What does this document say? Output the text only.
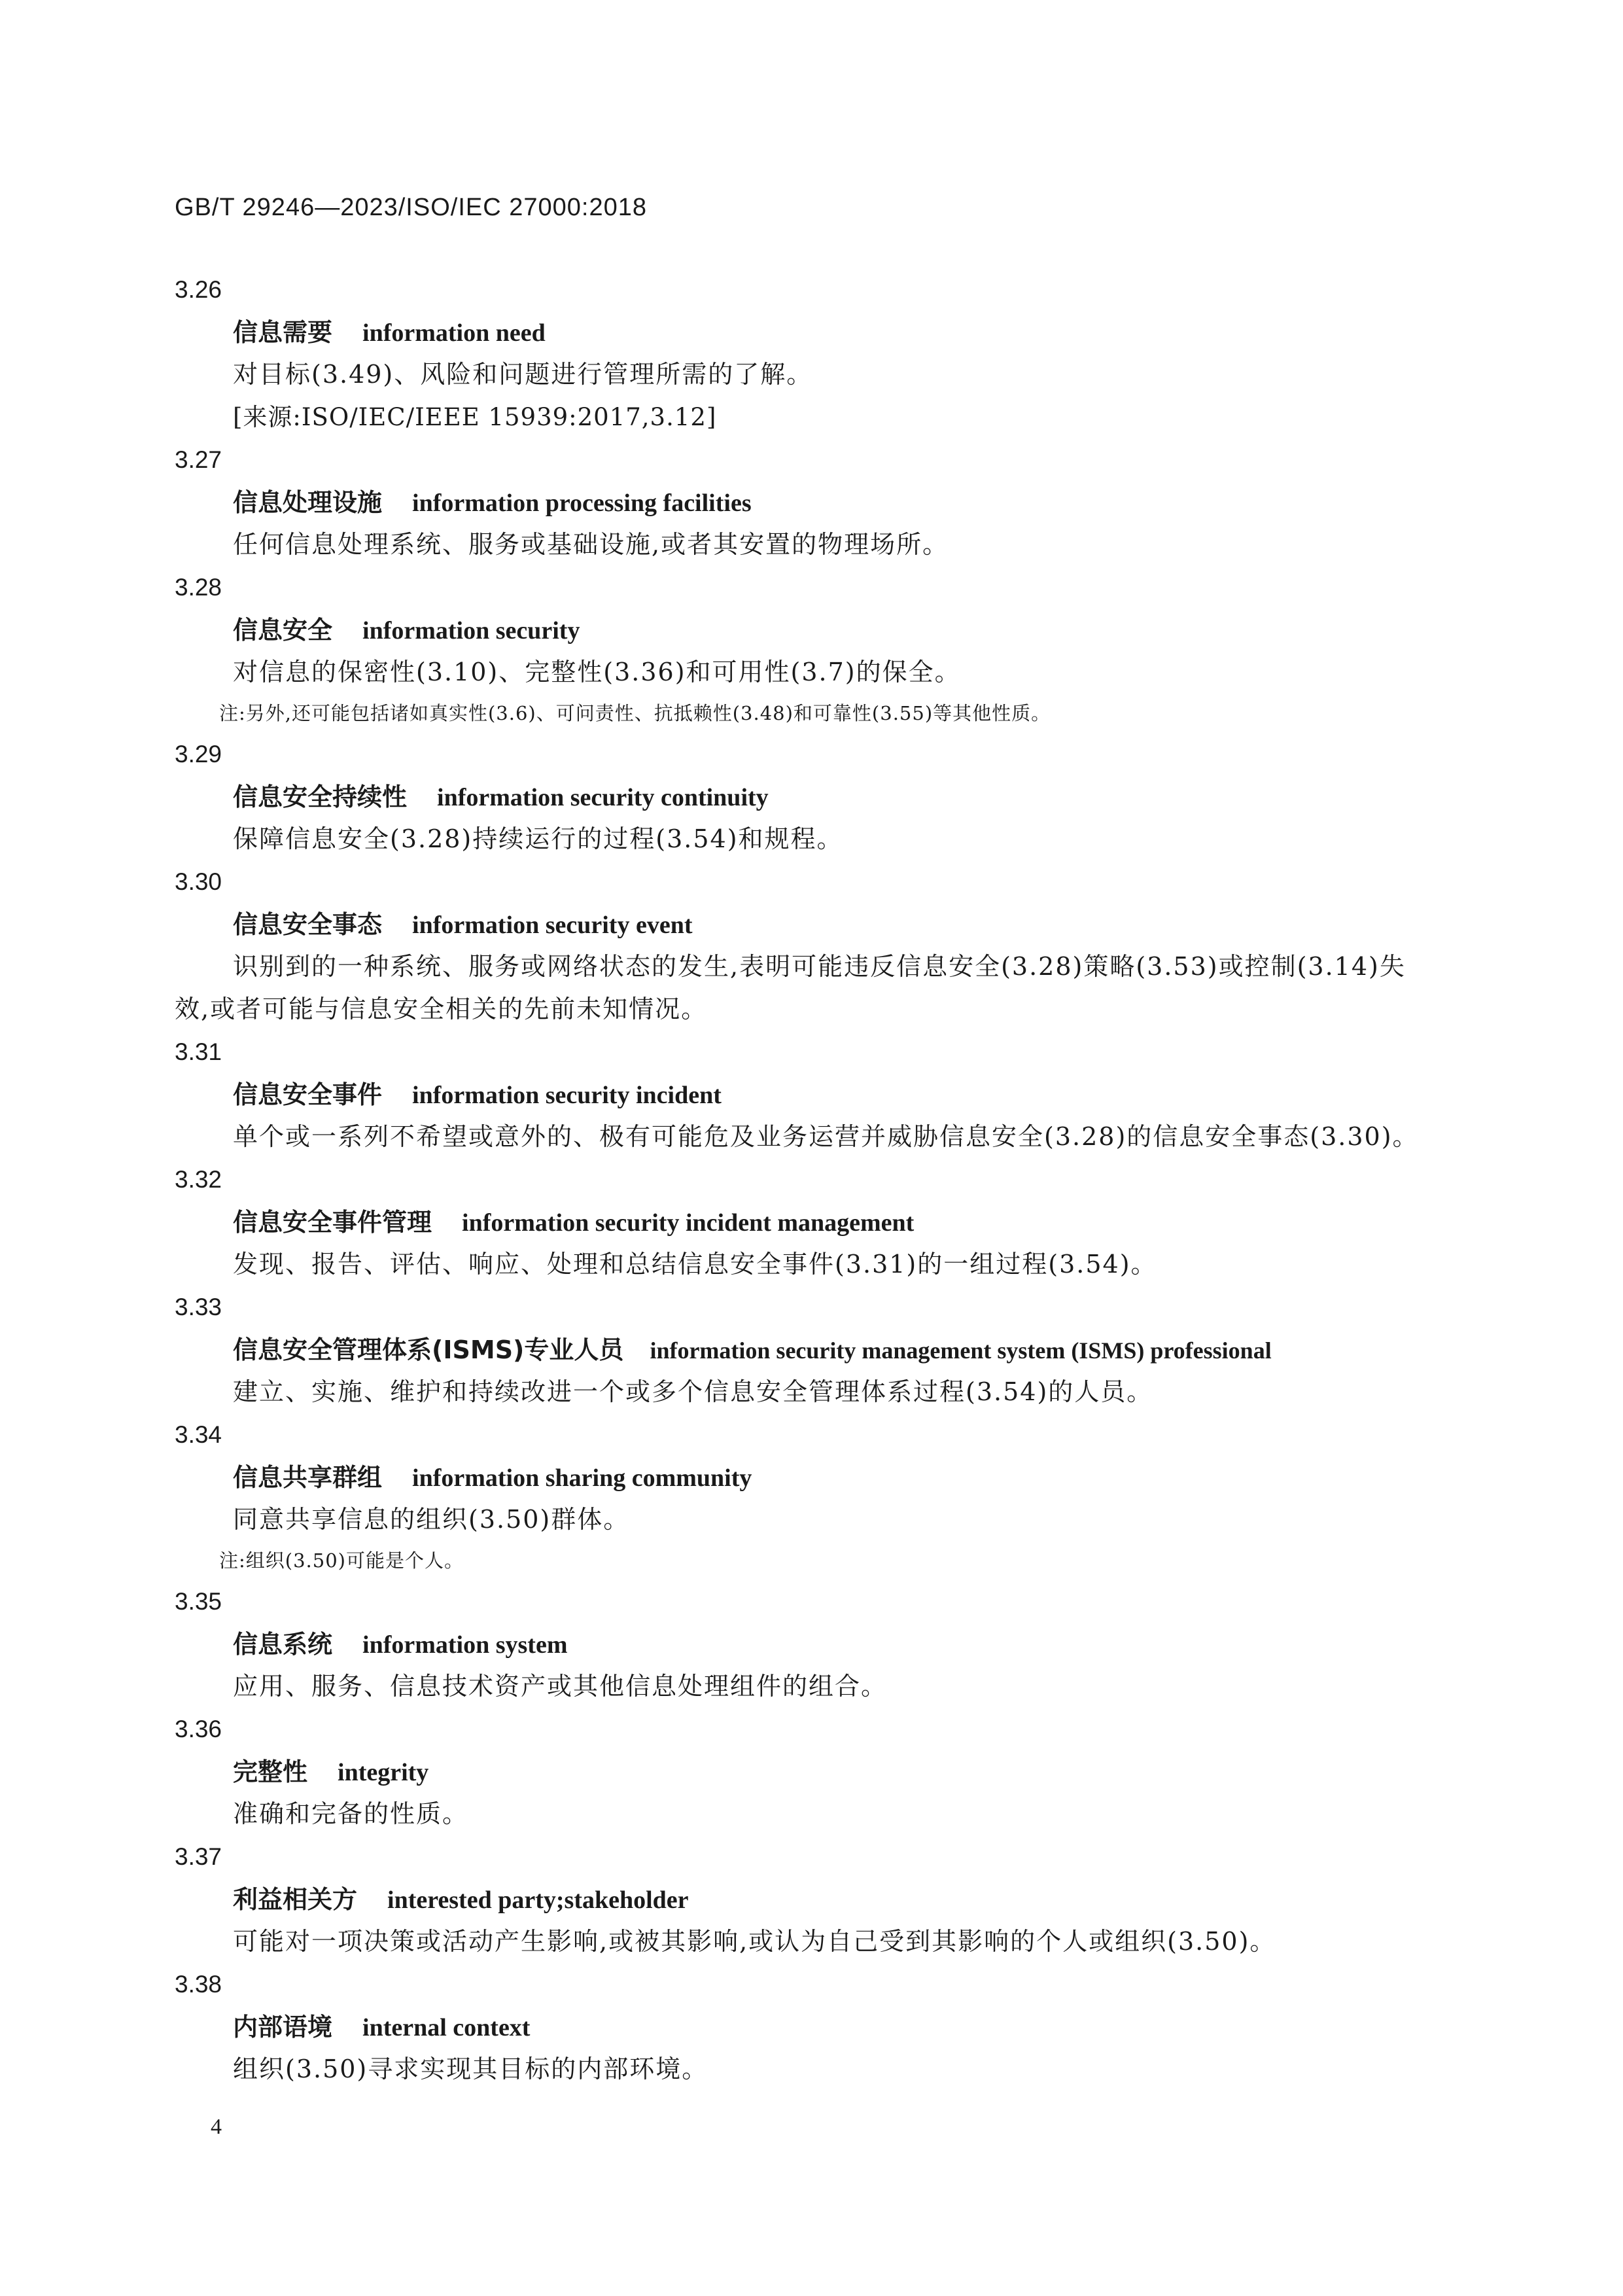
GB/T 29246—2023/ISO/IEC 27000:2018
3.26
信息需要 information need
对目标(3.49)、风险和问题进行管理所需的了解。
[来源:ISO/IEC/IEEE 15939:2017,3.12]
3.27
信息处理设施 information processing facilities
任何信息处理系统、服务或基础设施,或者其安置的物理场所。
3.28
信息安全 information security
对信息的保密性(3.10)、完整性(3.36)和可用性(3.7)的保全。
注:另外,还可能包括诸如真实性(3.6)、可问责性、抗抵赖性(3.48)和可靠性(3.55)等其他性质。
3.29
信息安全持续性 information security continuity
保障信息安全(3.28)持续运行的过程(3.54)和规程。
3.30
信息安全事态 information security event
识别到的一种系统、服务或网络状态的发生,表明可能违反信息安全(3.28)策略(3.53)或控制(3.14)失效,或者可能与信息安全相关的先前未知情况。
3.31
信息安全事件 information security incident
单个或一系列不希望或意外的、极有可能危及业务运营并威胁信息安全(3.28)的信息安全事态(3.30)。
3.32
信息安全事件管理 information security incident management
发现、报告、评估、响应、处理和总结信息安全事件(3.31)的一组过程(3.54)。
3.33
信息安全管理体系(ISMS)专业人员 information security management system (ISMS) professional
建立、实施、维护和持续改进一个或多个信息安全管理体系过程(3.54)的人员。
3.34
信息共享群组 information sharing community
同意共享信息的组织(3.50)群体。
注:组织(3.50)可能是个人。
3.35
信息系统 information system
应用、服务、信息技术资产或其他信息处理组件的组合。
3.36
完整性 integrity
准确和完备的性质。
3.37
利益相关方 interested party;stakeholder
可能对一项决策或活动产生影响,或被其影响,或认为自己受到其影响的个人或组织(3.50)。
3.38
内部语境 internal context
组织(3.50)寻求实现其目标的内部环境。
4
